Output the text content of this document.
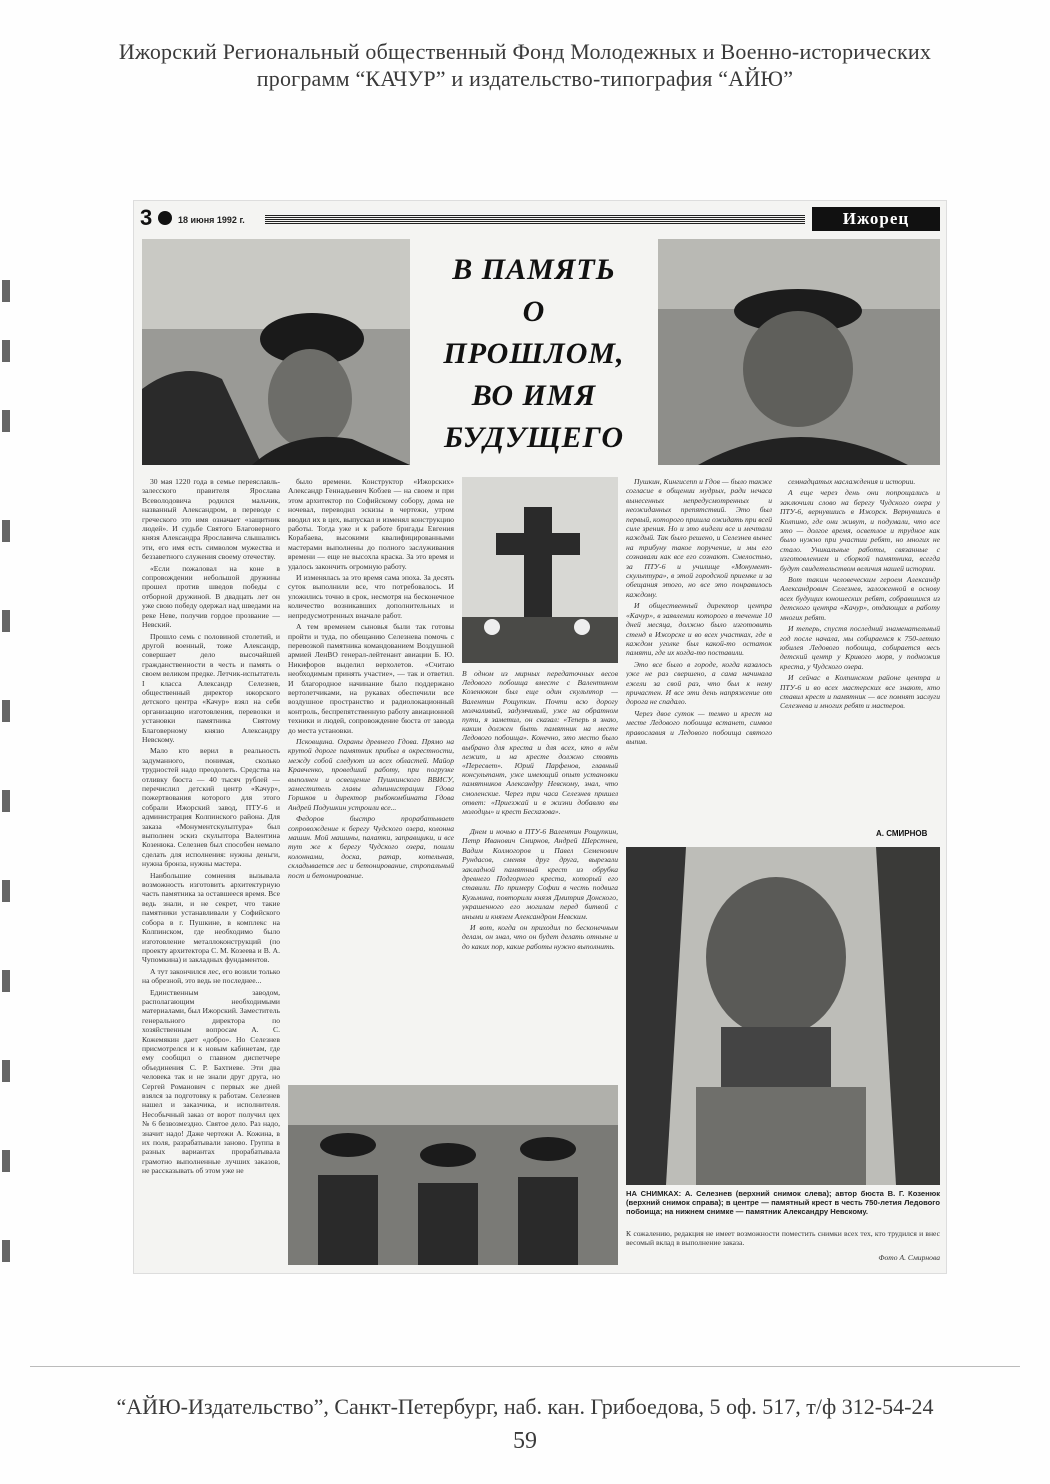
Ижорский Региональный общественный Фонд Молодежных и Военно-исторических
программ “КАЧУР” и издательство-типография “АЙЮ”
3	18 июня 1992 г.	Ижорец
В ПАМЯТЬ
О
ПРОШЛОМ,
ВО ИМЯ
БУДУЩЕГО

30 мая 1220 года в семье переяславль-залесского правителя Ярослава Всеволодовича родился мальчик, названный Александром, в переводе с греческого это имя означает «защитник людей». И судьбе Святого Благоверного князя Александра Ярославича слышались эти, его имя есть символом мужества и беззаветного служения своему отечеству.

«Если пожаловал на коне в сопровождении небольшой дружины прошел против шведов победы с отборной дружиной. В двадцать лет он уже свою победу одержал над шведами на реке Неве, получив гордое прозвание — Невский.

Прошло семь с половиной столетий, и другой военный, тоже Александр, совершает дело высочайшей гражданственности в честь и память о своем великом предке. Летчик-испытатель I класса Александр Селезнев, общественный директор ижорского детского центра «Качур» взял на себя организацию изготовления, перевозки и установки памятника Святому Благоверному князю Александру Невскому.

Мало кто верил в реальность задуманного, понимая, сколько трудностей надо преодолеть. Средства на отливку бюста — 40 тысяч рублей — перечислил детский центр «Качур», пожертвования которого для этого собрали Ижорский завод, ПТУ-6 и администрация Колпинского района. Для заказа «Монументскульптура» был выполнен эскиз скульптора Валентина Козенюка. Селезнев был способен немало сделать для исполнения: нужны деньги, нужна бронза, нужны мастера.

Наибольшие сомнения вызывала возможность изготовить архитектурную часть памятника за оставшееся время. Все ведь знали, и не секрет, что такие памятники устанавливали у Софийского собора в г. Пушкине, в комплекс на Колпинском, где необходимо было изготовление металлоконструкций (по проекту архитектора С. М. Козеева и В. А. Чупомкина) и закладных фундаментов.

А тут закончился лес, его возили только на обрезной, это ведь не последнее...

Единственным заводом, располагающим необходимыми материалами, был Ижорский. Заместитель генерального директора по хозяйственным вопросам А. С. Кожемякин дает «добро». Но Селезнев присмотрелся и к новым кабинетам, где ему сообщил о главном диспетчере объединения С. Р. Бахтиеве. Эти два человека так и не знали друг друга, но Сергей Романович с первых же дней взялся за подготовку к работам. Селезнев нашел и заказчика, и исполнителя. Несобычный заказ от ворот получил цех № 6 безвозмездно. Святое дело. Раз надо, значит надо! Даже чертежи А. Кожина, в их поля, разрабатывали заново. Группа в разных вариантах прорабатывала грамотно выполненные лучших заказов, не рассказывать об этом уже не

было времени. Конструктор «Ижорских» Александр Геннадьевич Кобзев — на своем и при этом архитектор по Софийскому собору, дома не ночевал, переводил эскизы в чертежи, утром вводил их в цех, выпускал и изменял конструкцию работы. Тогда уже и к работе бригады Евгения Корабаева, высокими квалифицированными мастерами выполнены до полного заслуживания времени — еще не высохла краска. За это время и удалось закончить огромную работу.

И изменялась за это время сама эпоха. За десять суток выполнили все, что потребовалось. И уложились точно в срок, несмотря на бесконечное количество возникавших дополнительных и непредусмотренных вначале работ.

А тем временем сыновья были так готовы пройти и туда, по обещанию Селезнева помочь с перевозкой памятника командованием Воздушной армией ЛенВО генерал-лейтенант авиации Б. Ю. Никифоров выделил верхолетов. «Считаю необходимым принять участие», — так и ответил. И благородное начинание было поддержано вертолетчиками, на рукавах обеспечили все воздушное пространство и радиолокационный контроль, беспрепятственную работу авиационной техники и людей, сопровождение бюста от завода до места установки.

Псковщина. Охраны древнего Гдова. Прямо на крутой дороге памятник прибыл в окрестности, между собой следуют из всех областей. Майор Кравченко, проведший работу, при погрузке выполнен и освещение Пушкинского ВВИСУ, заместитель главы администрации Гдова Горшков и директор рыбокомбината Гдова Андрей Подушкин устроили все...

Федоров быстро прорабатывает сопровождение к берегу Чудского озера, колонна машин. Мой машины, палатки, заправщики, и все тут же к берегу Чудского озера, пошли колоннами, доска, ратар, котельная, складывается лес и бетонирование, стропальный пост и бетонирование.

В одном из мирных передаточных весов Ледового побоища вместе с Валентином Козенюком был еще один скульптор — Валентин Рощупкин. Почти всю дорогу молчаливый, задумчивый, уже на обратном пути, я заметил, он сказал: «Теперь я знаю, каким должен быть памятник на месте Ледового побоища». Конечно, это место было выбрано для креста и для всех, кто в нём лежит, и на кресте должно стоять «Пересвет». Юрий Парфенов, главный консультант, уже имеющий опыт установки памятников Александру Невскому, знал, что смоленские. Через три часа Селезнев пришел ответ: «Приезжай и в жизни добавлю вы молодцы» и крест Бесхазова».

Днем и ночью в ПТУ-6 Валентин Рощупкин, Петр Иванович Смирнов, Андрей Шерстнев, Вадим Колмогоров и Павел Семенович Рундасов, сменяя друг друга, вырезали закладной памятный крест из обрубка древнего Подгорного креста, который его ставили. По примеру Софии в честь подвига Кузьмина, повторили князя Дмитрия Донского, украшенного его могилам перед битвой с иными и князем Александром Невским.

И вот, когда он приходил по бесконечным делам, он знал, что он будет делать отныне и до каких пор, какие работы нужно выполнить.

Пушкин, Кингисепп и Гдов — было также согласие в общении мудрых, ради нечаса вынесенных непредусмотренных и неожиданных препятствий. Это был первый, которого пришла ожидать при всей силе зрения. Но и это видели все и мечтали каждый. Так было решено, и Селезнев вынес на трибуну такое поручение, и мы его сознавали как все его сознают. Смелостью, за ПТУ-6 и училище «Монумент-скульптура», в этой городской приемке и за обещания этого, но все это понравилось каждому.

И общественный директор центра «Качур», в заявлении которого в течение 10 дней месяца, должно было изготовить стенд в Ижорске и во всех участках, где в каждом уголке был какой-то остаток памяти, где их когда-то поставили.

Это все было в городе, когда казалось уже не раз свершено, а сама начинала ежели за свой раз, что был к нему причастен. И все эти день напряжение от дорога не спадало.

Через двое суток — темно и крест на месте Ледового побоища встанет, символ православия и Ледового побоища святого выпив.

семнадцатых наслаждения и истории.

А еще через день они попрощались и заключили слово на берегу Чудского озера у ПТУ-6, вернувшись в Ижорск. Вернувшись в Колпино, где они живут, и подумали, что все это — долгое время, осветлое и трудное как было нужно при участии ребят, но многих не стало. Уникальные работы, связанные с изготовлением и сборкой памятника, всегда будут свидетельством величия нашей истории.

Вот таким человеческим героем Александр Александрович Селезнев, заложенной в основу всех будущих юношеских ребят, собравшихся из детского центра «Качур», отдающих в работу многих ребят.

И теперь, спустя последний знаменательный год после начала, мы собираемся к 750-летию юбилея Ледового побоища, собирается весь детский центр у Кривого моря, у подножия креста, у Чудского озера.

И сейчас в Колпинском районе центра и ПТУ-6 и во всех мастерских все знают, кто ставил крест и памятник — все помнят заслуги Селезнева и многих ребят и мастеров.

А. СМИРНОВ
НА СНИМКАХ: А. Селезнев (верхний снимок слева); автор бюста В. Г. Козенюк (верхний снимок справа); в центре — памятный крест в честь 750-летия Ледового побоища; на нижнем снимке — памятник Александру Невскому.
К сожалению, редакция не имеет возможности поместить снимки всех тех, кто трудился и внес весомый вклад в выполнение заказа.
Фото А. Смирнова
“АЙЮ-Издательство”, Санкт-Петербург, наб. кан. Грибоедова, 5 оф. 517, т/ф 312-54-24
59
